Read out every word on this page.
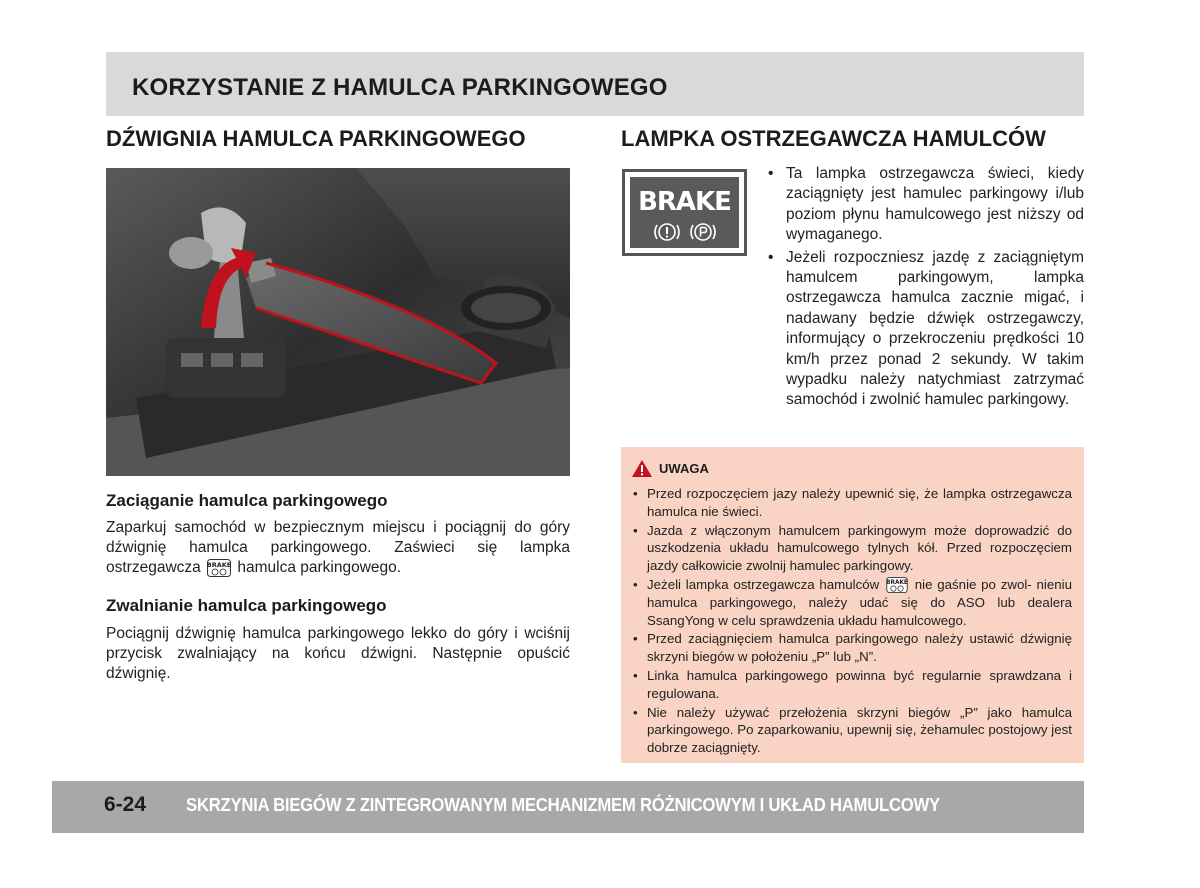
KORZYSTANIE Z HAMULCA PARKINGOWEGO
DŹWIGNIA HAMULCA PARKINGOWEGO	LAMPKA OSTRZEGAWCZA HAMULCÓW
Zaciąganie hamulca parkingowego

Zaparkuj samochód w bezpiecznym miejscu i pociągnij do góry dźwignię hamulca parkingowego. Zaświeci się lampka ostrzegawcza BRAKE hamulca parkingowego.

Zwalnianie hamulca parkingowego

Pociągnij dźwignię hamulca parkingowego lekko do góry i wciśnij przycisk zwalniający na końcu dźwigni. Następnie opuścić dźwignię.

BRAKE
• Ta lampka ostrzegawcza świeci, kiedy zaciągnięty jest hamulec parkingowy i/lub poziom płynu hamulcowego jest niższy od wymaganego.
• Jeżeli rozpoczniesz jazdę z zaciągniętym hamulcem parkingowym, lampka ostrzegawcza hamulca zacznie migać, i nadawany będzie dźwięk ostrzegawczy, informujący o przekroczeniu prędkości 10 km/h przez ponad 2 sekundy. W takim wypadku należy natychmiast zatrzymać samochód i zwolnić hamulec parkingowy.
UWAGA
• Przed rozpoczęciem jazy należy upewnić się, że lampka ostrzegawcza hamulca nie świeci.
• Jazda z włączonym hamulcem parkingowym może doprowadzić do uszkodzenia układu hamulcowego tylnych kół. Przed rozpoczęciem jazdy całkowicie zwolnij hamulec parkingowy.
• Jeżeli lampka ostrzegawcza hamulców BRAKE nie gaśnie po zwol- nieniu hamulca parkingowego, należy udać się do ASO lub dealera SsangYong w celu sprawdzenia układu hamulcowego.
• Przed zaciągnięciem hamulca parkingowego należy ustawić dźwignię skrzyni biegów w położeniu „P” lub „N”.
• Linka hamulca parkingowego powinna być regularnie sprawdzana i regulowana.
• Nie należy używać przełożenia skrzyni biegów „P” jako hamulca parkingowego. Po zaparkowaniu, upewnij się, żehamulec postojowy jest dobrze zaciągnięty.

6-24 SKRZYNIA BIEGÓW Z ZINTEGROWANYM MECHANIZMEM RÓŻNICOWYM I UKŁAD HAMULCOWY
